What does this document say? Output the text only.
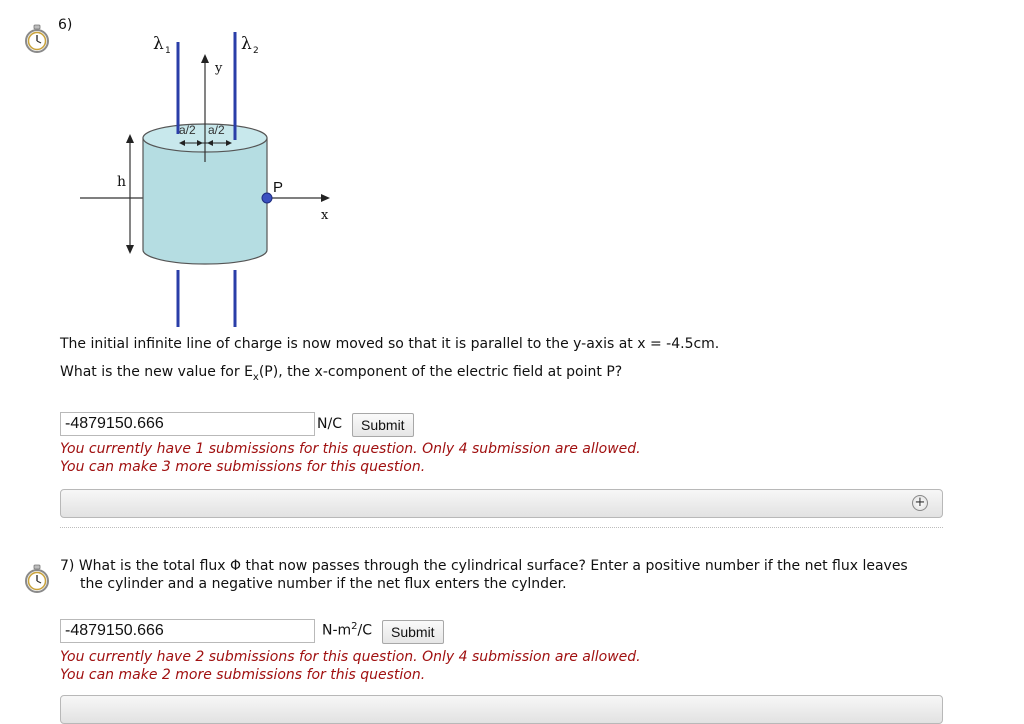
6)
h
y
a/2 a/2
x
P
λ 1	λ 2
The initial infinite line of charge is now moved so that it is parallel to the y-axis at x = -4.5cm.
What is the new value for $E_x(P)$, the x-component of the electric field at point P?
-4879150.666
N/C	Submit
You currently have 1 submissions for this question. Only 4 submission are allowed.
You can make 3 more submissions for this question.
+
7) What is the total flux Φ that now passes through the cylindrical surface? Enter a positive number if the net flux leaves
the cylinder and a negative number if the net flux enters the cylnder.
-4879150.666
$N-m^2/C$	Submit
You currently have 2 submissions for this question. Only 4 submission are allowed.
You can make 2 more submissions for this question.
